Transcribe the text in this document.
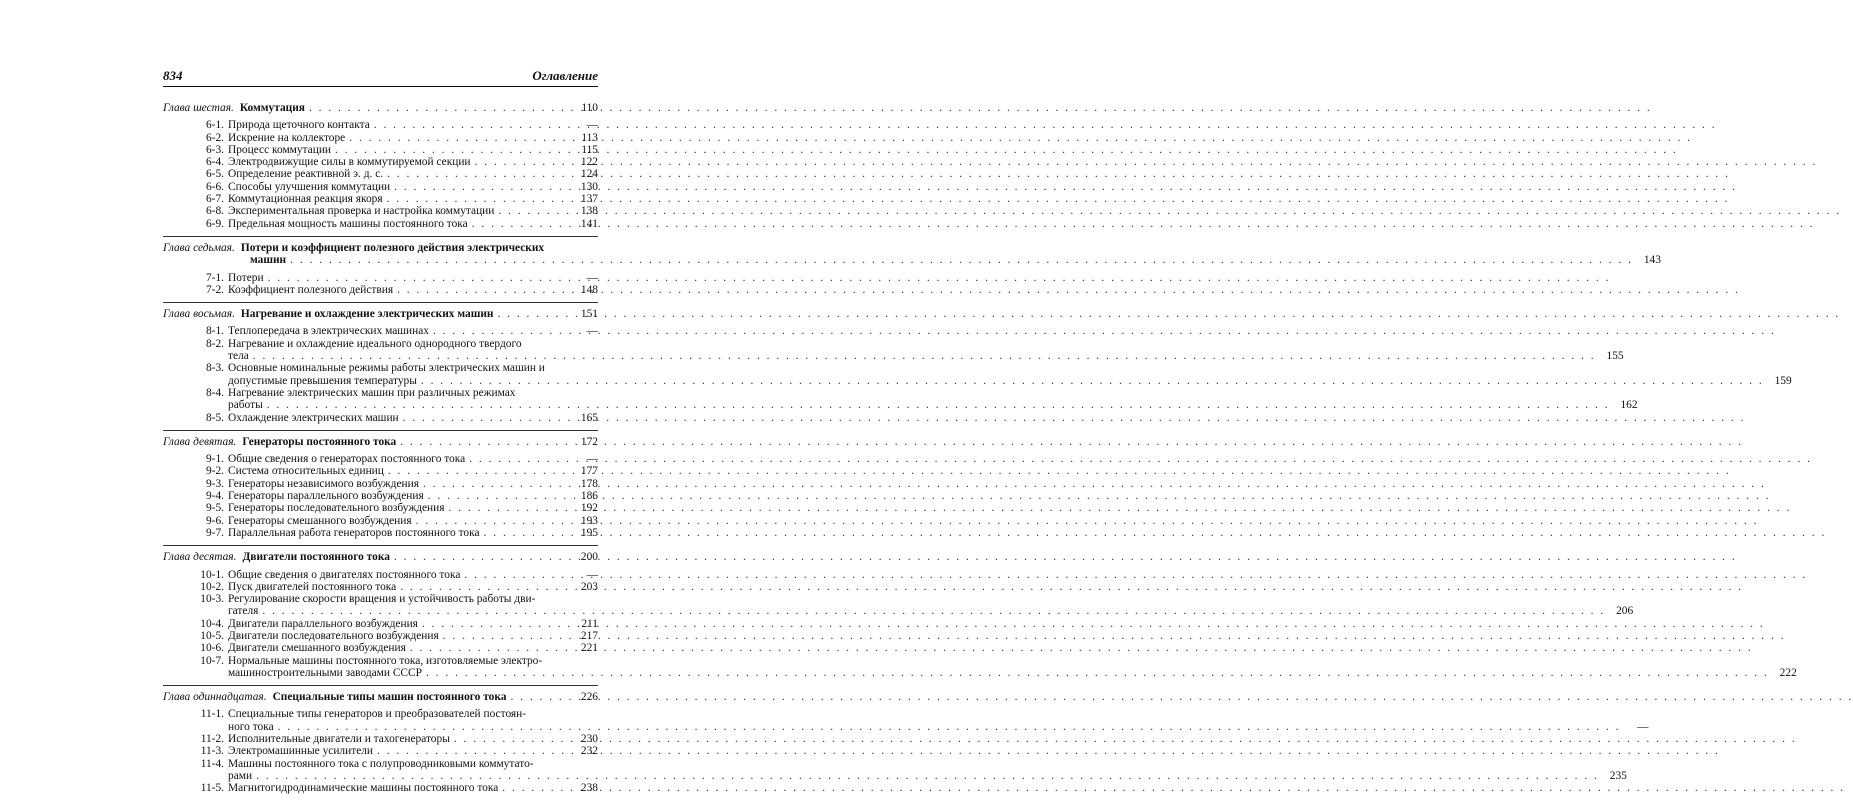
834	Оглавление
Глава шестая. Коммутация . . .	110
6-1. Природа щеточного контакта . . .	—
6-2. Искрение на коллекторе . . .	113
6-3. Процесс коммутации . . .	115
6-4. Электродвижущие силы в коммутируемой секции . . .	122
6-5. Определение реактивной э. д. с. . . .	124
6-6. Способы улучшения коммутации . . .	130
6-7. Коммутационная реакция якоря . . .	137
6-8. Экспериментальная проверка и настройка коммутации . . .	138
6-9. Предельная мощность машины постоянного тока . . .	141
Глава седьмая. Потери и коэффициент полезного действия электрических
машин . . .	143
7-1. Потери . . .	—
7-2. Коэффициент полезного действия . . .	148
Глава восьмая. Нагревание и охлаждение электрических машин . . .	151
8-1. Теплопередача в электрических машинах . . .	—
8-2. Нагревание и охлаждение идеального однородного твердого
тела . . .	155
8-3. Основные номинальные режимы работы электрических машин и
допустимые превышения температуры . . .	159
8-4. Нагревание электрических машин при различных режимах
работы . . .	162
8-5. Охлаждение электрических машин . . .	165
Глава девятая. Генераторы постоянного тока . . .	172
9-1. Общие сведения о генераторах постоянного тока . . .	—
9-2. Система относительных единиц . . .	177
9-3. Генераторы независимого возбуждения . . .	178
9-4. Генераторы параллельного возбуждения . . .	186
9-5. Генераторы последовательного возбуждения . . .	192
9-6. Генераторы смешанного возбуждения . . .	193
9-7. Параллельная работа генераторов постоянного тока . . .	195
Глава десятая. Двигатели постоянного тока . . .	200
10-1. Общие сведения о двигателях постоянного тока . . .	—
10-2. Пуск двигателей постоянного тока . . .	203
10-3. Регулирование скорости вращения и устойчивость работы дви-
гателя . . .	206
10-4. Двигатели параллельного возбуждения . . .	211
10-5. Двигатели последовательного возбуждения . . .	217
10-6. Двигатели смешанного возбуждения . . .	221
10-7. Нормальные машины постоянного тока, изготовляемые электро-
машиностроительными заводами СССР . . .	222
Глава одиннадцатая. Специальные типы машин постоянного тока . . .	226
11-1. Специальные типы генераторов и преобразователей постоян-
ного тока . . .	—
11-2. Исполнительные двигатели и тахогенераторы . . .	230
11-3. Электромашинные усилители . . .	232
11-4. Машины постоянного тока с полупроводниковыми коммутато-
рами . . .	235
11-5. Магнитогидродинамические машины постоянного тока . . .	238
